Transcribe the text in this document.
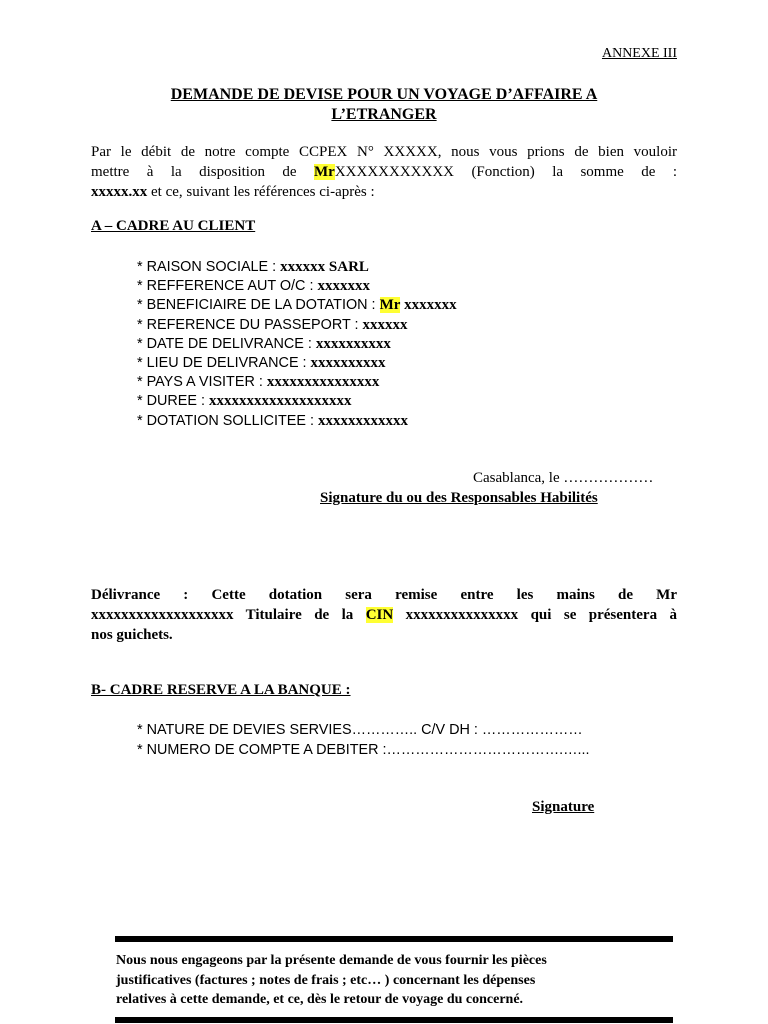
ANNEXE III
DEMANDE DE DEVISE POUR UN VOYAGE D’AFFAIRE A
L’ETRANGER
Par le débit de notre compte CCPEX N° XXXXX, nous vous prions de bien vouloir
mettre à la disposition de MrXXXXXXXXXXX (Fonction) la somme de :
xxxxx.xx et ce, suivant les références ci-après :
A – CADRE AU CLIENT
* RAISON SOCIALE : xxxxxx SARL
* REFFERENCE AUT O/C : xxxxxxx
* BENEFICIAIRE DE LA DOTATION : Mr xxxxxxx
* REFERENCE DU PASSEPORT : xxxxxx
* DATE DE DELIVRANCE : xxxxxxxxxx
* LIEU DE DELIVRANCE : xxxxxxxxxx
* PAYS A VISITER : xxxxxxxxxxxxxxx
* DUREE : xxxxxxxxxxxxxxxxxxx
* DOTATION SOLLICITEE : xxxxxxxxxxxx
Casablanca, le ………………
Signature du ou des Responsables Habilités
Délivrance : Cette dotation sera remise entre les mains de Mr
xxxxxxxxxxxxxxxxxxx Titulaire de la CIN xxxxxxxxxxxxxxx qui se présentera à
nos guichets.
B- CADRE RESERVE A LA BANQUE :
* NATURE DE DEVIES SERVIES………….. C/V DH : …………………
* NUMERO DE COMPTE A DEBITER :……………………………….…...
Signature
Nous nous engageons par la présente demande de vous fournir les pièces
justificatives (factures ; notes de frais ; etc… ) concernant les dépenses
relatives à cette demande, et ce, dès le retour de voyage du concerné.
